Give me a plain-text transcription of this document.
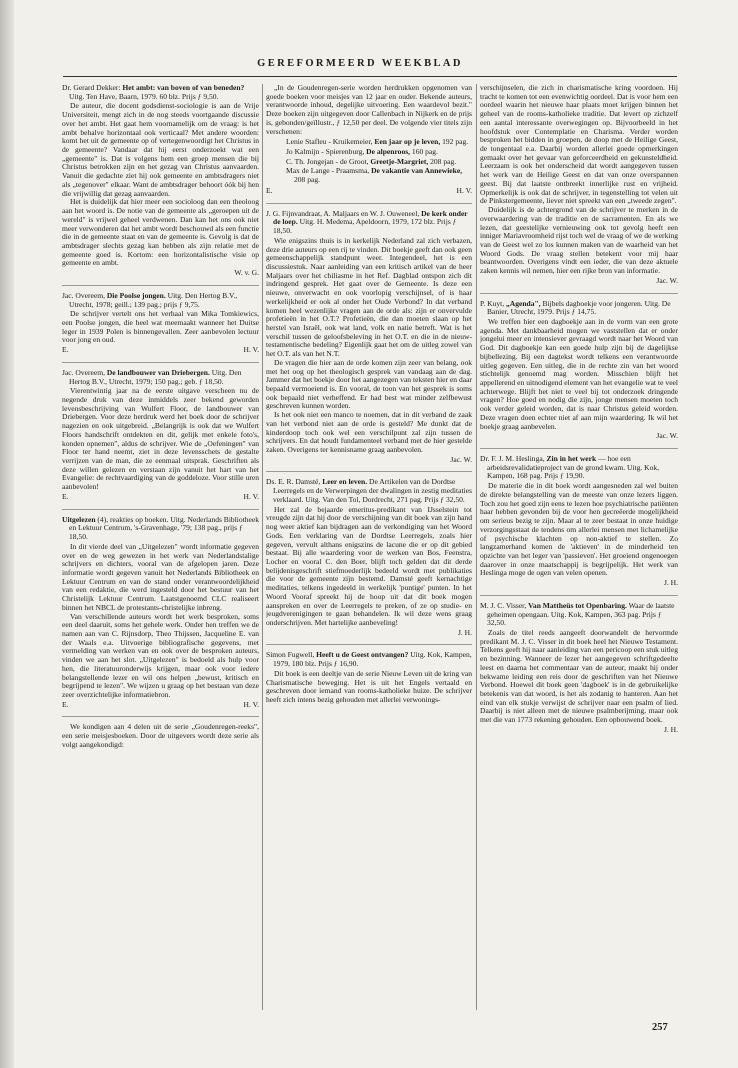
GEREFORMEERD WEEKBLAD
Dr. Gerard Dekker: Het ambt: van boven of van beneden? Uitg. Ten Have, Baarn, 1979. 60 blz. Prijs ƒ 9,50.

De auteur, die docent godsdienst-sociologie is aan de Vrije Universiteit, mengt zich in de nog steeds voortgaande discussie over het ambt. Het gaat hem voornamelijk om de vraag: is het ambt behalve horizontaal ook verticaal? Met andere woorden: komt het uit de gemeente op of vertegenwoordigt het Christus in de gemeente? Vandaar dat hij eerst onderzoekt wat een „gemeente" is. Dat is volgens hem een groep mensen die bij Christus betrokken zijn en het gezag van Christus aanvaarden. Vanuit die gedachte ziet hij ook gemeente en ambtsdragers niet als „tegenover" elkaar. Want de ambtsdrager behoort óók bij hen die vrijwillig dat gezag aanvaarden.

Het is duidelijk dat hier meer een socioloog dan een theoloog aan het woord is. De notie van de gemeente als „geroepen uit de wereld" is vrijwel geheel verdwenen. Dan kan het ons ook niet meer verwonderen dat het ambt wordt beschouwd als een functie die in de gemeente staat en van de gemeente is. Gevolg is dat de ambtsdrager slechts gezag kan hebben als zijn relatie met de gemeente goed is. Kortom: een horizontalistische visie op gemeente en ambt.

W. v. G.
Jac. Overeem, Die Poolse jongen. Uitg. Den Hertog B.V., Utrecht, 1978; geill.; 139 pag.; prijs ƒ 9,75.

De schrijver vertelt ons het verhaal van Mika Tomkiewics, een Poolse jongen, die heel wat meemaakt wanneer het Duitse leger in 1939 Polen is binnengevallen. Zeer aanbevolen lectuur voor jong en oud.

E.	H. V.
Jac. Overeem, De landbouwer van Driebergen. Uitg. Den Hertog B.V., Utrecht, 1979; 150 pag.; geb. ƒ 18,50.

Vierentwintig jaar na de eerste uitgave verscheen nu de negende druk van deze inmiddels zeer bekend geworden levensbeschrijving van Wulfert Floor, de landbouwer van Driebergen. Voor deze herdruk werd het boek door de schrijver nagezien en ook uitgebreid. „Belangrijk is ook dat we Wulfert Floors handschrift ontdekten en dit, gelijk met enkele foto's, konden opnemen", aldus de schrijver. Wie de „Oefeningen" van Floor ter hand neemt, ziet in deze levensschets de gestalte verrijzen van de man, die ze eenmaal uitsprak. Geschriften als deze willen gelezen en verstaan zijn vanuit het hart van het Evangelie: de rechtvaardiging van de goddeloze. Voor stille uren aanbevolen!

E.	H. V.
Uitgelezen (4), reakties op boeken. Uitg. Nederlands Bibliotheek en Lektuur Centrum, 's-Gravenhage, '79; 138 pag., prijs ƒ 18,50.

In dit vierde deel van „Uitgelezen" wordt informatie gegeven over en de weg gewezen in het werk van Nederlandstalige schrijvers en dichters, vooral van de afgelopen jaren. Deze informatie wordt gegeven vanuit het Nederlands Bibliotheek en Lektuur Centrum en van de stand onder verantwoordelijkheid van een redaktie, die werd ingesteld door het bestuur van het Christelijk Lektuur Centrum. Laatstgenoemd CLC realiseert binnen het NBCL de protestants-christelijke inbreng.

Van verschillende auteurs wordt het werk besproken, soms een deel daaruit, soms het gehele werk. Onder hen treffen we de namen aan van C. Rijnsdorp, Theo Thijssen, Jacqueline E. van der Waals e.a. Uitvoerige bibliografische gegevens, met vermelding van werken van en ook over de besproken auteurs, vinden we aan het slot. „Uitgelezen" is bedoeld als hulp voor hen, die literatuuronderwijs krijgen, maar ook voor iedere belangstellende lezer en wil ons helpen „bewust, kritisch en begrijpend te lezen". We wijzen u graag op het bestaan van deze zeer overzichtelijke informatiebron.

E.	H. V.

We kondigen aan 4 delen uit de serie „Goudenregen-reeks", een serie meisjesboeken. Door de uitgevers wordt deze serie als volgt aangekondigd:

„In de Goudenregen-serie worden herdrukken opgenomen van goede boeken voor meisjes van 12 jaar en ouder. Bekende auteurs, verantwoorde inhoud, degelijke uitvoering. Een waardevol bezit." Deze boeken zijn uitgegeven door Callenbach in Nijkerk en de prijs is, gebonden/geïllustr., ƒ 12,50 per deel. De volgende vier titels zijn verschenen:

Lenie Stafleu - Kruikemeier, Een jaar op je leven, 192 pag.
Jo Kalmijn - Spierenburg, De alpenroos, 160 pag.
C. Th. Jongejan - de Groot, Greetje-Margriet, 208 pag.
Max de Lange - Praamsma, De vakantie van Annewieke, 208 pag.
E.	H. V.
J. G. Fijnvandraat, A. Maljaars en W. J. Ouweneel, De kerk onder de loep. Uitg. H. Medema, Apeldoorn, 1979, 172 blz. Prijs ƒ 18,50.

Wie enigszins thuis is in kerkelijk Nederland zal zich verbazen, deze drie auteurs op een rij te vinden. Dit boekje geeft dan ook geen gemeenschappelijk standpunt weer. Integendeel, het is een discussiestuk. Naar aanleiding van een kritisch artikel van de heer Maljaars over het chiliasme in het Ref. Dagblad ontspon zich dit indringend gesprek. Het gaat over de Gemeente. Is deze een nieuwe, onverwacht en ook voorlopig verschijnsel, of is haar werkelijkheid er ook al onder het Oude Verbond? In dat verband komen heel wezenlijke vragen aan de orde als: zijn er onvervulde profetieën in het O.T.? Profetieën, die dan moeten slaan op het herstel van Israël, ook wat land, volk en natie betreft. Wat is het verschil tussen de geloofsbeleving in het O.T. en die in de nieuw-testamentische bedeling? Eigenlijk gaat het om de uitleg zowel van het O.T. als van het N.T.

De vragen die hier aan de orde komen zijn zeer van belang, ook met het oog op het theologisch gesprek van vandaag aan de dag. Jammer dat het boekje door het aangezegen van teksten hier en daar bepaald vermoeiend is. En vooral, de toon van het gesprek is soms ook bepaald niet verheffend. Er had best wat minder zelfbewust geschreven kunnen worden.

Is het ook niet een manco te noemen, dat in dit verband de zaak van het verbond niet aan de orde is gesteld? Me dunkt dat de kinderdoop toch ook wel een verschilpunt zal zijn tussen de schrijvers. En dat houdt fundamenteel verband met de hier gestelde zaken. Overigens ter kennisname graag aanbevolen.

Jac. W.
Ds. E. R. Damsté, Leer en leven. De Artikelen van de Dordtse Leerregels en de Verwerpingen der dwalingen in zestig meditaties verklaard. Uitg. Van den Tol, Dordrecht, 271 pag. Prijs ƒ 32,50.

Het zal de bejaarde emeritus-predikant van IJsselstein tot vreugde zijn dat hij door de verschijning van dit boek van zijn hand nog weer aktief kan bijdragen aan de verkondiging van het Woord Gods. Een verklaring van de Dordtse Leerregels, zoals hier gegeven, vervult althans enigszins de lacune die er op dit gebied bestaat. Bij alle waardering voor de werken van Bos, Feenstra, Locher en vooral C. den Boer, blijft toch gelden dat dit derde belijdenisgeschrift stiefmoederlijk bedeeld wordt met publikaties die voor de gemeente zijn bestemd. Damsté geeft kernachtige meditaties, telkens ingedeeld in werkelijk 'puntige' punten. In het Woord Vooraf spreekt hij de hoop uit dat dit boek mogen aanspreken en over de Leerregels te preken, of ze op studie- en jeugdverenigingen te gaan behandelen. Ik wil deze wens graag onderschrijven. Met hartelijke aanbeveling!

J. H.
Simon Fugwell, Heeft u de Geest ontvangen? Uitg. Kok, Kampen, 1979, 180 blz. Prijs ƒ 16,90.

Dit boek is een deeltje van de serie Nieuw Leven uit de kring van Charismatische beweging. Het is uit het Engels vertaald en geschreven door iemand van rooms-katholieke huize. De schrijver heeft zich intens bezig gehouden met allerlei verwonings-

verschijnselen, die zich in charismatische kring voordoen. Hij tracht te komen tot een evenwichtig oordeel. Dat is voor hem een oordeel waarin het nieuwe haar plaats moet krijgen binnen het geheel van de rooms-katholieke traditie. Dat levert op zichzelf een aantal interessante overwegingen op. Bijvoorbeeld in het hoofdstuk over Contemplatie en Charisma. Verder worden besproken het bidden in groepen, de doop met de Heilige Geest, de tongentaal e.a. Daarbij worden allerlei goede opmerkingen gemaakt over het gevaar van geforceerdheid en gekunsteldheid. Leerzaam is ook het onderscheid dat wordt aangegeven tussen het werk van de Heilige Geest en dat van onze overspannen geest. Bij dat laatste ontbreekt innerlijke rust en vrijheid. Opmerkelijk is ook dat de schrijver, in tegenstelling tot velen uit de Pinkstergemeente, liever niet spreekt van een „tweede zegen".

Duidelijk is de achtergrond van de schrijver te merken in de overwaardering van de traditie en de sacramenten. En als we lezen, dat geestelijke vernieuwing ook tot gevolg heeft een inniger Mariavroomheid rijst toch wel de vraag of we de werking van de Geest wel zo los kunnen maken van de waarheid van het Woord Gods. De vraag stellen betekent voor mij haar beantwoorden. Overigens vindt een ieder, die van deze aktuele zaken kennis wil nemen, hier een rijke bron van informatie.

Jac. W.
P. Kuyt, „Agenda", Bijbels dagboekje voor jongeren. Uitg. De Banier, Utrecht, 1979. Prijs ƒ 14,75.

We treffen hier een dagboekje aan in de vorm van een grote agenda. Met dankbaarheid mogen we vaststellen dat er onder jongelui meer en intensiever gevraagd wordt naar het Woord van God. Dit dagboekje kan een goede hulp zijn bij de dagelijkse bijbellezing. Bij een dagtekst wordt telkens een verantwoorde uitleg gegeven. Een uitleg, die in de rechte zin van het woord stichtelijk genoemd mag worden. Misschien blijft het appellerend en uitnodigend element van het evangelie wat te veel achterwege. Blijft het niet te veel bij tot onderzoek dringende vragen? Hoe goed en nodig die zijn, jonge mensen moeten toch ook verder geleid worden, dat is naar Christus geleid worden. Deze vragen doen echter niet af aan mijn waardering. Ik wil het boekje graag aanbevelen.

Jac. W.
Dr. F. J. M. Heslinga, Zin in het werk — hoe een arbeidsrevalidatieproject van de grond kwam. Uitg. Kok, Kampen, 168 pag. Prijs ƒ 19,90.

De materie die in dit boek wordt aangesneden zal wel buiten de direkte belangstelling van de meeste van onze lezers liggen. Toch zou het goed zijn eens te lezen hoe psychiatrische patiënten haar hebben gevonden bij de voor hen gecreëerde mogelijkheid om serieus bezig te zijn. Maar al te zeer bestaat in onze huidige verzorgingsstaat de tendens om allerlei mensen met lichamelijke of psychische klachten op non-aktief te stellen. Zo langzamerhand komen de 'aktieven' in de minderheid ten opzichte van het leger van 'passieven'. Het groeiend ongenoegen daarover in onze maatschappij is begrijpelijk. Het werk van Heslinga moge de ogen van velen openen.

J. H.
M. J. C. Visser, Van Mattheüs tot Openbaring. Waar de laatste geheimen opengaan. Uitg. Kok, Kampen, 363 pag. Prijs ƒ 32,50.

Zoals de titel reeds aangeeft doorwandelt de hervormde predikant M. J. C. Visser in dit boek heel het Nieuwe Testament. Telkens geeft hij naar aanleiding van een pericoop een stuk uitleg en bezinning. Wanneer de lezer het aangegeven schriftgedeelte leest en daarna het commentaar van de auteur, maakt hij onder bekwame leiding een reis door de geschriften van het Nieuwe Verbond. Hoewel dit boek geen 'dagboek' is in de gebruikelijke betekenis van dat woord, is het als zodanig te hanteren. Aan het eind van elk stukje verwijst de schrijver naar een psalm of lied. Daarbij is niet alleen met de nieuwe psalmberijming, maar ook met die van 1773 rekening gehouden. Een opbouwend boek.

J. H.
257
